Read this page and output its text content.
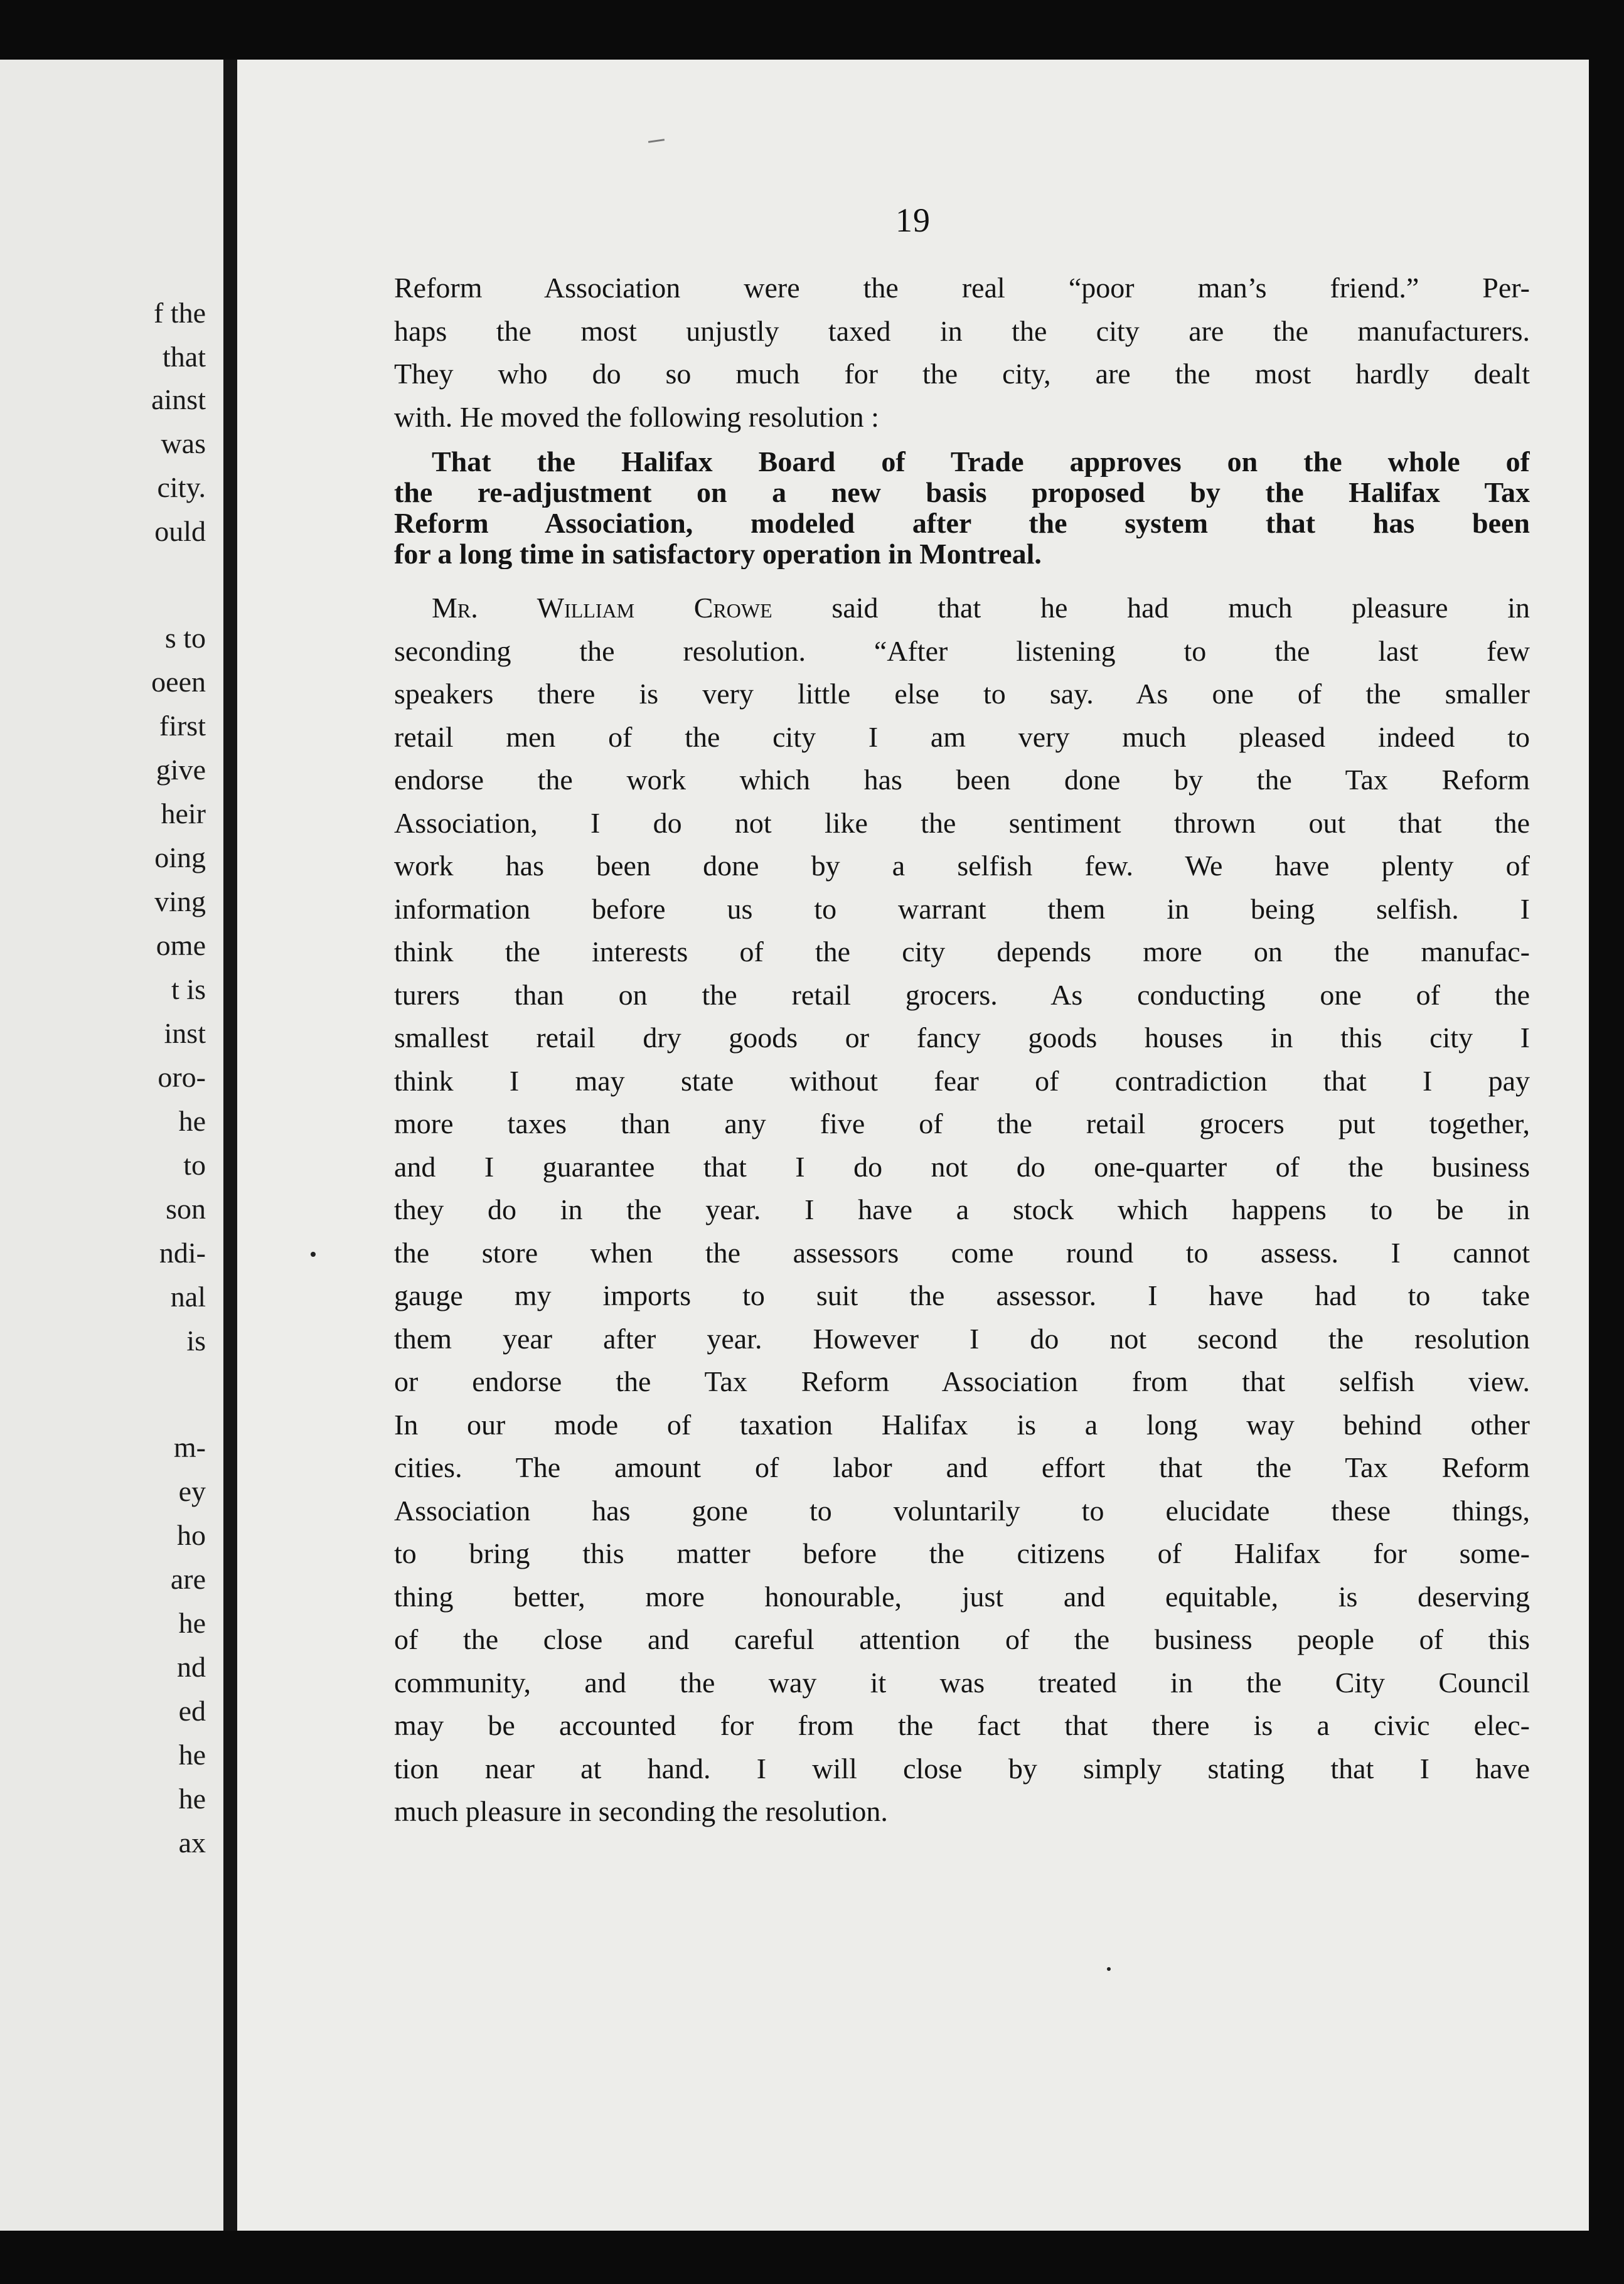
f the
that
ainst
was
city.
ould
s to
oeen
first
give
heir
oing
ving
ome
t is
inst
oro-
he
to
son
ndi-
nal
is
m-
ey
ho
are
he
nd
ed
he
he
ax
19
Reform Association were the real “poor man’s friend.” Per-
haps the most unjustly taxed in the city are the manufacturers.
They who do so much for the city, are the most hardly dealt
with. He moved the following resolution :
That the Halifax Board of Trade approves on the whole of
the re-adjustment on a new basis proposed by the Halifax Tax
Reform Association, modeled after the system that has been
for a long time in satisfactory operation in Montreal.
Mr. William Crowe said that he had much pleasure in
seconding the resolution. “After listening to the last few
speakers there is very little else to say. As one of the smaller
retail men of the city I am very much pleased indeed to
endorse the work which has been done by the Tax Reform
Association, I do not like the sentiment thrown out that the
work has been done by a selfish few. We have plenty of
information before us to warrant them in being selfish. I
think the interests of the city depends more on the manufac-
turers than on the retail grocers. As conducting one of the
smallest retail dry goods or fancy goods houses in this city I
think I may state without fear of contradiction that I pay
more taxes than any five of the retail grocers put together,
and I guarantee that I do not do one-quarter of the business
they do in the year. I have a stock which happens to be in
the store when the assessors come round to assess. I cannot
gauge my imports to suit the assessor. I have had to take
them year after year. However I do not second the resolution
or endorse the Tax Reform Association from that selfish view.
In our mode of taxation Halifax is a long way behind other
cities. The amount of labor and effort that the Tax Reform
Association has gone to voluntarily to elucidate these things,
to bring this matter before the citizens of Halifax for some-
thing better, more honourable, just and equitable, is deserving
of the close and careful attention of the business people of this
community, and the way it was treated in the City Council
may be accounted for from the fact that there is a civic elec-
tion near at hand. I will close by simply stating that I have
much pleasure in seconding the resolution.
